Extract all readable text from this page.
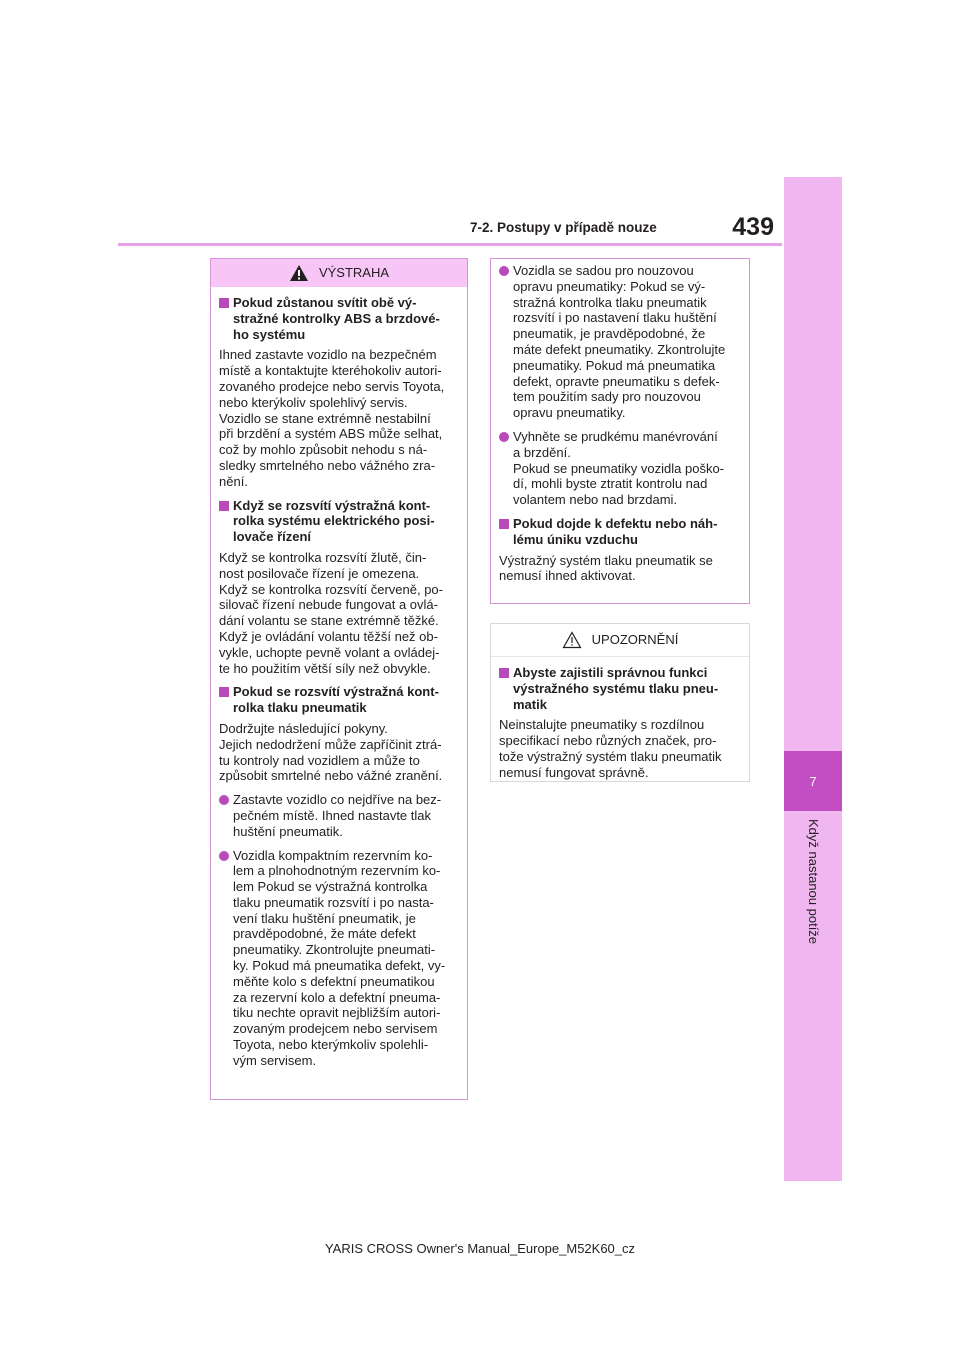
439
7-2. Postupy v případě nouze
7
Když nastanou potíže
VÝSTRAHA
Pokud zůstanou svítit obě vý-
stražné kontrolky ABS a brzdové-
ho systému

Ihned zastavte vozidlo na bezpečném
místě a kontaktujte kteréhokoliv autori-
zovaného prodejce nebo servis Toyota,
nebo kterýkoliv spolehlivý servis.
Vozidlo se stane extrémně nestabilní
při brzdění a systém ABS může selhat,
což by mohlo způsobit nehodu s ná-
sledky smrtelného nebo vážného zra-
nění.

Když se rozsvítí výstražná kont-
rolka systému elektrického posi-
lovače řízení

Když se kontrolka rozsvítí žlutě, čin-
nost posilovače řízení je omezena.
Když se kontrolka rozsvítí červeně, po-
silovač řízení nebude fungovat a ovlá-
dání volantu se stane extrémně těžké.
Když je ovládání volantu těžší než ob-
vykle, uchopte pevně volant a ovládej-
te ho použitím větší síly než obvykle.

Pokud se rozsvítí výstražná kont-
rolka tlaku pneumatik

Dodržujte následující pokyny.
Jejich nedodržení může zapříčinit ztrá-
tu kontroly nad vozidlem a může to
způsobit smrtelné nebo vážné zranění.

Zastavte vozidlo co nejdříve na bez-
pečném místě. Ihned nastavte tlak
huštění pneumatik.
Vozidla kompaktním rezervním ko-
lem a plnohodnotným rezervním ko-
lem Pokud se výstražná kontrolka
tlaku pneumatik rozsvítí i po nasta-
vení tlaku huštění pneumatik, je
pravděpodobné, že máte defekt
pneumatiky. Zkontrolujte pneumati-
ky. Pokud má pneumatika defekt, vy-
měňte kolo s defektní pneumatikou
za rezervní kolo a defektní pneuma-
tiku nechte opravit nejbližším autori-
zovaným prodejcem nebo servisem
Toyota, nebo kterýmkoliv spolehli-
vým servisem.
Vozidla se sadou pro nouzovou
opravu pneumatiky: Pokud se vý-
stražná kontrolka tlaku pneumatik
rozsvítí i po nastavení tlaku huštění
pneumatik, je pravděpodobné, že
máte defekt pneumatiky. Zkontrolujte
pneumatiky. Pokud má pneumatika
defekt, opravte pneumatiku s defek-
tem použitím sady pro nouzovou
opravu pneumatiky.
Vyhněte se prudkému manévrování
a brzdění.
Pokud se pneumatiky vozidla poško-
dí, mohli byste ztratit kontrolu nad
volantem nebo nad brzdami.
Pokud dojde k defektu nebo náh-
lému úniku vzduchu

Výstražný systém tlaku pneumatik se
nemusí ihned aktivovat.

UPOZORNĚNÍ
Abyste zajistili správnou funkci
výstražného systému tlaku pneu-
matik

Neinstalujte pneumatiky s rozdílnou
specifikací nebo různých značek, pro-
tože výstražný systém tlaku pneumatik
nemusí fungovat správně.

YARIS CROSS Owner's Manual_Europe_M52K60_cz
